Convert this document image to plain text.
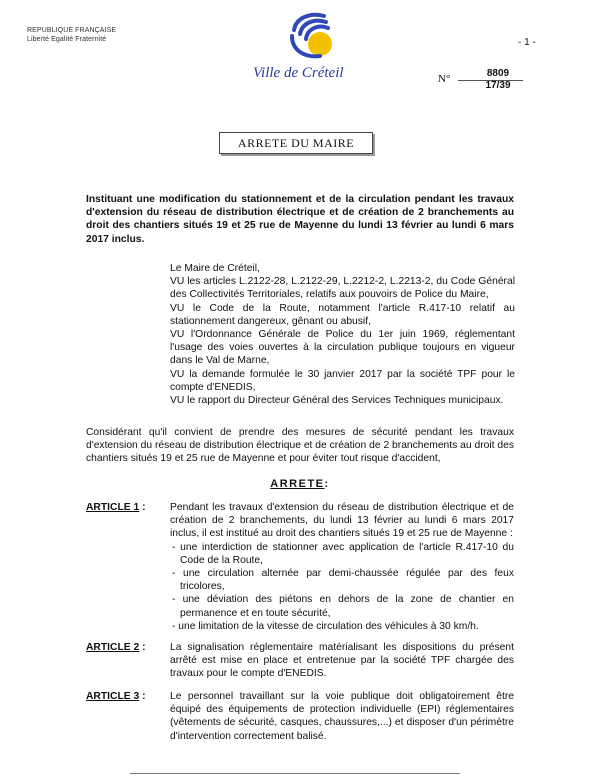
REPUBLIQUE FRANÇAISE
Liberté Egalité Fraternité
Ville de Créteil
- 1 -
N°	8809
17/39
ARRETE DU MAIRE
Instituant une modification du stationnement et de la circulation pendant les travaux d'extension du réseau de distribution électrique et de création de 2 branchements au droit des chantiers situés 19 et 25 rue de Mayenne du lundi 13 février au lundi 6 mars 2017 inclus.
Le Maire de Créteil,
VU les articles L.2122-28, L.2122-29, L.2212-2, L.2213-2, du Code Général des Collectivités Territoriales, relatifs aux pouvoirs de Police du Maire,
VU le Code de la Route, notamment l'article R.417-10 relatif au stationnement dangereux, gênant ou abusif,
VU l'Ordonnance Générale de Police du 1er juin 1969, réglementant l'usage des voies ouvertes à la circulation publique toujours en vigueur dans le Val de Marne,
VU la demande formulée le 30 janvier 2017 par la société TPF pour le compte d'ENEDIS,
VU le rapport du Directeur Général des Services Techniques municipaux.
Considérant qu'il convient de prendre des mesures de sécurité pendant les travaux d'extension du réseau de distribution électrique et de création de 2 branchements au droit des chantiers situés 19 et 25 rue de Mayenne et pour éviter tout risque d'accident,
ARRETE:
ARTICLE 1 : Pendant les travaux d'extension du réseau de distribution électrique et de création de 2 branchements, du lundi 13 février au lundi 6 mars 2017 inclus, il est institué au droit des chantiers situés 19 et 25 rue de Mayenne :
- une interdiction de stationner avec application de l'article R.417-10 du Code de la Route,
- une circulation alternée par demi-chaussée régulée par des feux tricolores,
- une déviation des piétons en dehors de la zone de chantier en permanence et en toute sécurité,
- une limitation de la vitesse de circulation des véhicules à 30 km/h.
ARTICLE 2 : La signalisation réglementaire matérialisant les dispositions du présent arrêté est mise en place et entretenue par la société TPF chargée des travaux pour le compte d'ENEDIS.
ARTICLE 3 : Le personnel travaillant sur la voie publique doit obligatoirement être équipé des équipements de protection individuelle (EPI) réglementaires (vêtements de sécurité, casques, chaussures,...) et disposer d'un périmètre d'intervention correctement balisé.
